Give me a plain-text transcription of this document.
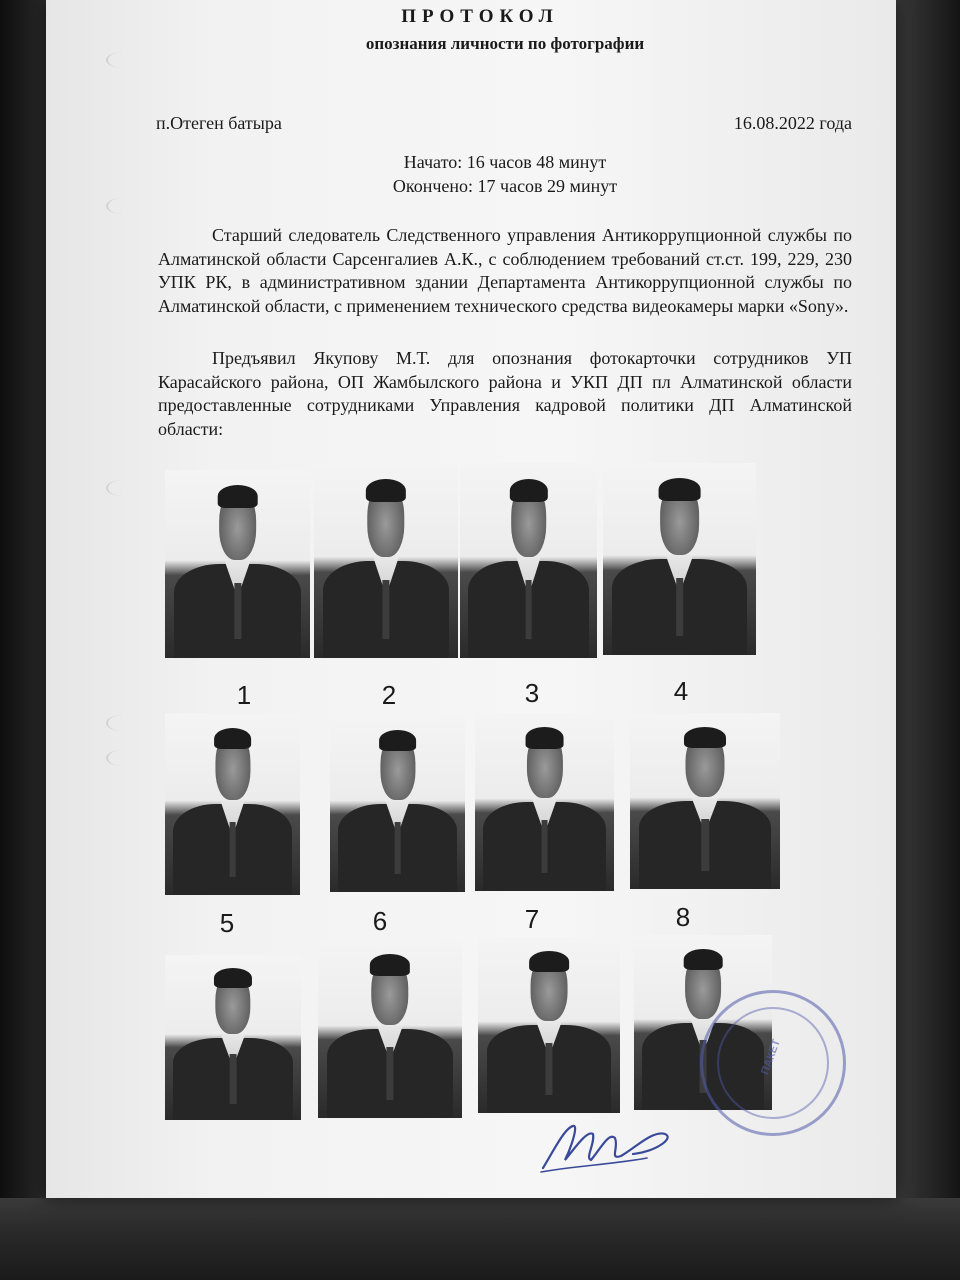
ПРОТОКОЛ
опознания личности по фотографии
п.Отеген батыра	16.08.2022 года
Начато: 16 часов 48 минут
Окончено: 17 часов 29 минут
Старший следователь Следственного управления Антикоррупционной службы по Алматинской области Сарсенгалиев А.К., с соблюдением требований ст.ст. 199, 229, 230 УПК РК, в административном здании Департамента Антикоррупционной службы по Алматинской области, с применением технического средства видеокамеры марки «Sony».
Предъявил Якупову М.Т. для опознания фотокарточки сотрудников УП Карасайского района, ОП Жамбылского района и УКП ДП пл Алматинской области предоставленные сотрудниками Управления кадровой политики ДП Алматинской области:
1	2	3	4
5	6	7	8
ПАКЕТ
